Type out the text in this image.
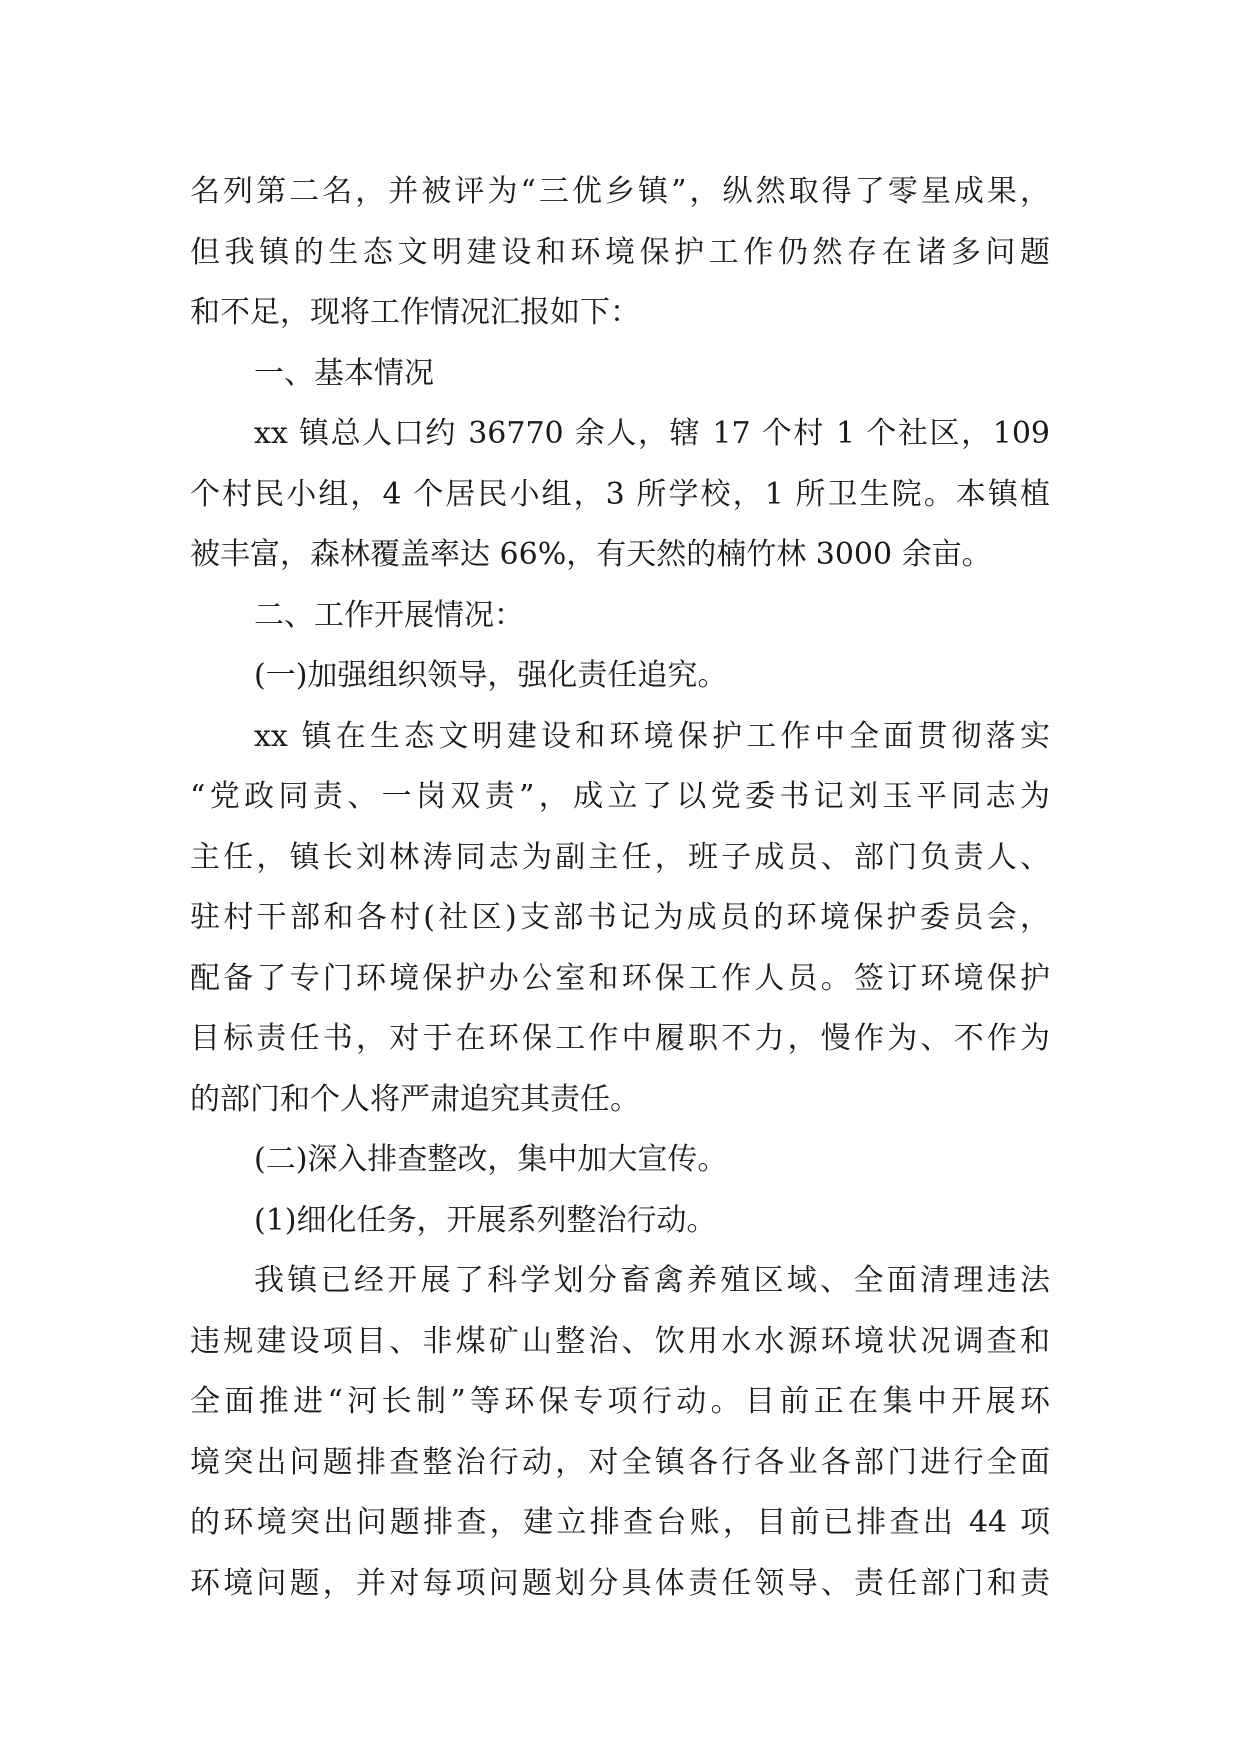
名列第二名，并被评为“三优乡镇”，纵然取得了零星成果，
但我镇的生态文明建设和环境保护工作仍然存在诸多问题
和不足，现将工作情况汇报如下：
一、基本情况
xx 镇总人口约 36770 余人，辖 17 个村 1 个社区，109
个村民小组，4 个居民小组，3 所学校，1 所卫生院。本镇植
被丰富，森林覆盖率达 66%，有天然的楠竹林 3000 余亩。
二、工作开展情况：
(一)加强组织领导，强化责任追究。
xx 镇在生态文明建设和环境保护工作中全面贯彻落实
“党政同责、一岗双责”，成立了以党委书记刘玉平同志为
主任，镇长刘林涛同志为副主任，班子成员、部门负责人、
驻村干部和各村(社区)支部书记为成员的环境保护委员会，
配备了专门环境保护办公室和环保工作人员。签订环境保护
目标责任书，对于在环保工作中履职不力，慢作为、不作为
的部门和个人将严肃追究其责任。
(二)深入排查整改，集中加大宣传。
(1)细化任务，开展系列整治行动。
我镇已经开展了科学划分畜禽养殖区域、全面清理违法
违规建设项目、非煤矿山整治、饮用水水源环境状况调查和
全面推进“河长制”等环保专项行动。目前正在集中开展环
境突出问题排查整治行动，对全镇各行各业各部门进行全面
的环境突出问题排查，建立排查台账，目前已排查出 44 项
环境问题，并对每项问题划分具体责任领导、责任部门和责
